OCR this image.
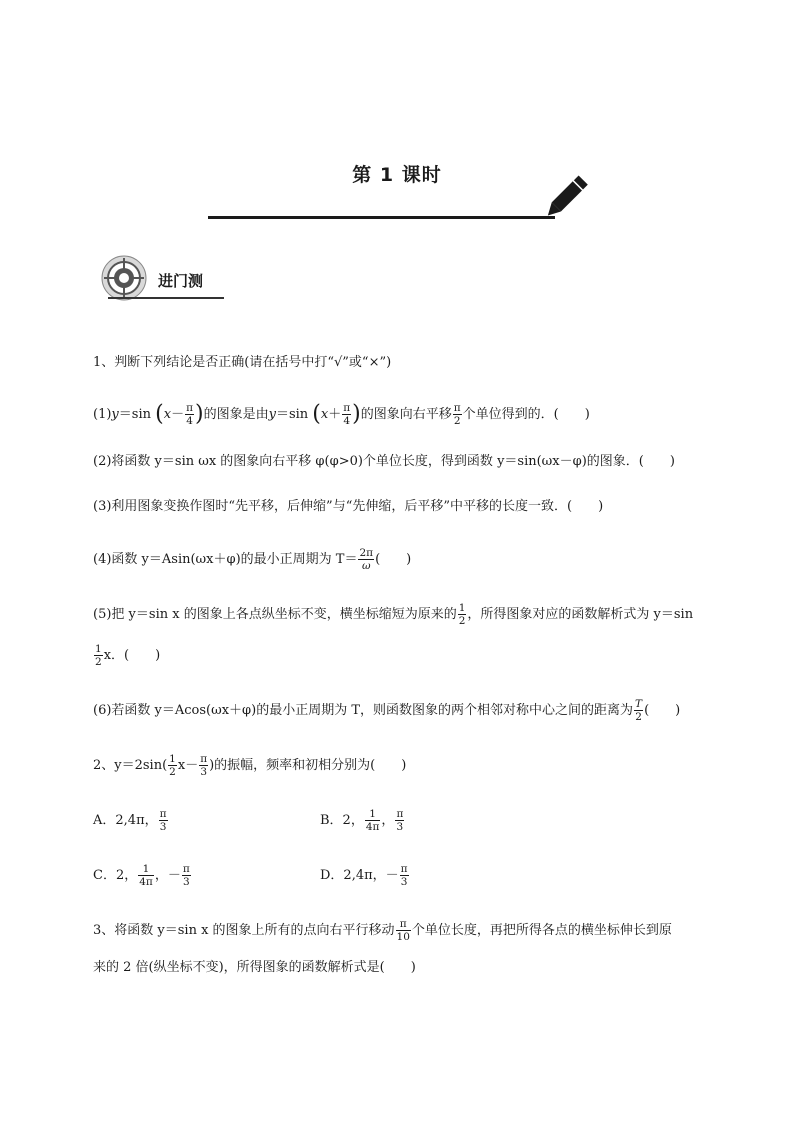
第 1 课时
进门测
1、判断下列结论是否正确(请在括号中打“√”或“×”)
(1)y＝sin ($x- \frac{\pi}{4}$ )的图象是由y＝sin ($x+ \frac{\pi}{4}$ )的图象向右平移 $\frac{\pi}{2}$ 个单位得到的．(　　)
(2)将函数 y＝sin ωx 的图象向右平移 φ(φ>0)个单位长度，得到函数 y＝sin(ωx－φ)的图象．(　　)
(3)利用图象变换作图时“先平移，后伸缩”与“先伸缩，后平移”中平移的长度一致．(　　)
(4)函数 y＝Asin(ωx＋φ)的最小正周期为 $T= \frac{2\pi}{\omega}$ (　　)
(5)把 y＝sin x 的图象上各点纵坐标不变，横坐标缩短为原来的 $\frac{1}{2}$ ，所得图象对应的函数解析式为 y＝sin
$\frac{1}{2}$ x．(　　)
(6)若函数 y＝Acos(ωx＋φ)的最小正周期为 T，则函数图象的两个相邻对称中心之间的距离为 $\frac{T}{2}$ (　　)
2、$y=2\sin( \frac{1}{2} x- \frac{\pi}{3}$ )的振幅，频率和初相分别为(　　)
A．2,4π， $\frac{\pi}{3}$	B．2， $\frac{1}{4\pi}$ ， $\frac{\pi}{3}$
C．2， $\frac{1}{4\pi}$ ，－ $\frac{\pi}{3}$	D．2,4π，－ $\frac{\pi}{3}$
3、将函数 y＝sin x 的图象上所有的点向右平行移动 $\frac{\pi}{10}$ 个单位长度，再把所得各点的横坐标伸长到原
来的 2 倍(纵坐标不变)，所得图象的函数解析式是(　　)
